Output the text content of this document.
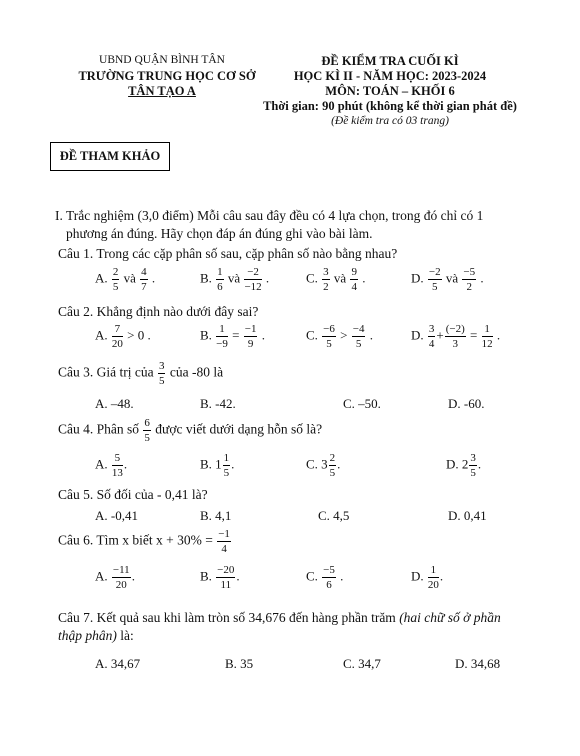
UBND QUẬN BÌNH TÂN
TRƯỜNG TRUNG HỌC CƠ SỞ
TÂN TẠO A
ĐỀ KIỂM TRA CUỐI KÌ
HỌC KÌ II - NĂM HỌC: 2023-2024
MÔN: TOÁN – KHỐI 6
Thời gian: 90 phút (không kể thời gian phát đề)
(Đề kiểm tra có 03 trang)
ĐỀ THAM KHẢO
I. Trắc nghiệm (3,0 điểm) Mỗi câu sau đây đều có 4 lựa chọn, trong đó chỉ có 1
phương án đúng. Hãy chọn đáp án đúng ghi vào bài làm.
Câu 1. Trong các cặp phân số sau, cặp phân số nào bằng nhau?
A. $\frac{2}{5}$ và $\frac{4}{7}$ .	B. $\frac{1}{6}$ và $\frac{-2}{-12}$ .	C. $\frac{3}{2}$ và $\frac{9}{4}$ .	D. $\frac{-2}{5}$ và $\frac{-5}{2}$ .
Câu 2. Khẳng định nào dưới đây sai?
A. $\frac{7}{20} > 0$ .	B. $\frac{1}{-9} = \frac{-1}{9}$ .	C. $\frac{-6}{5} > \frac{-4}{5}$ .	D. $\frac{3}{4} + \frac{(-2)}{3} = \frac{1}{12}$ .
Câu 3. Giá trị của $\frac{3}{5}$ của -80 là
A. –48.	B. -42.	C. –50.	D. -60.
Câu 4. Phân số $\frac{6}{5}$ được viết dưới dạng hỗn số là?
A. $\frac{5}{13}$ .	B. $1 \frac{1}{5}$ .	C. $3 \frac{2}{5}$ .	D. $2 \frac{3}{5}$ .
Câu 5. Số đối của - 0,41 là?
A. -0,41	B. 4,1	C. 4,5	D. 0,41
Câu 6. Tìm x biết $x + 30\% = \frac{-1}{4}$
A. $\frac{-11}{20}$ .	B. $\frac{-20}{11}$ .	C. $\frac{-5}{6}$ .	D. $\frac{1}{20}$ .
Câu 7. Kết quả sau khi làm tròn số 34,676 đến hàng phần trăm (hai chữ số ở phần
thập phân) là:
A. 34,67	B. 35	C. 34,7	D. 34,68
